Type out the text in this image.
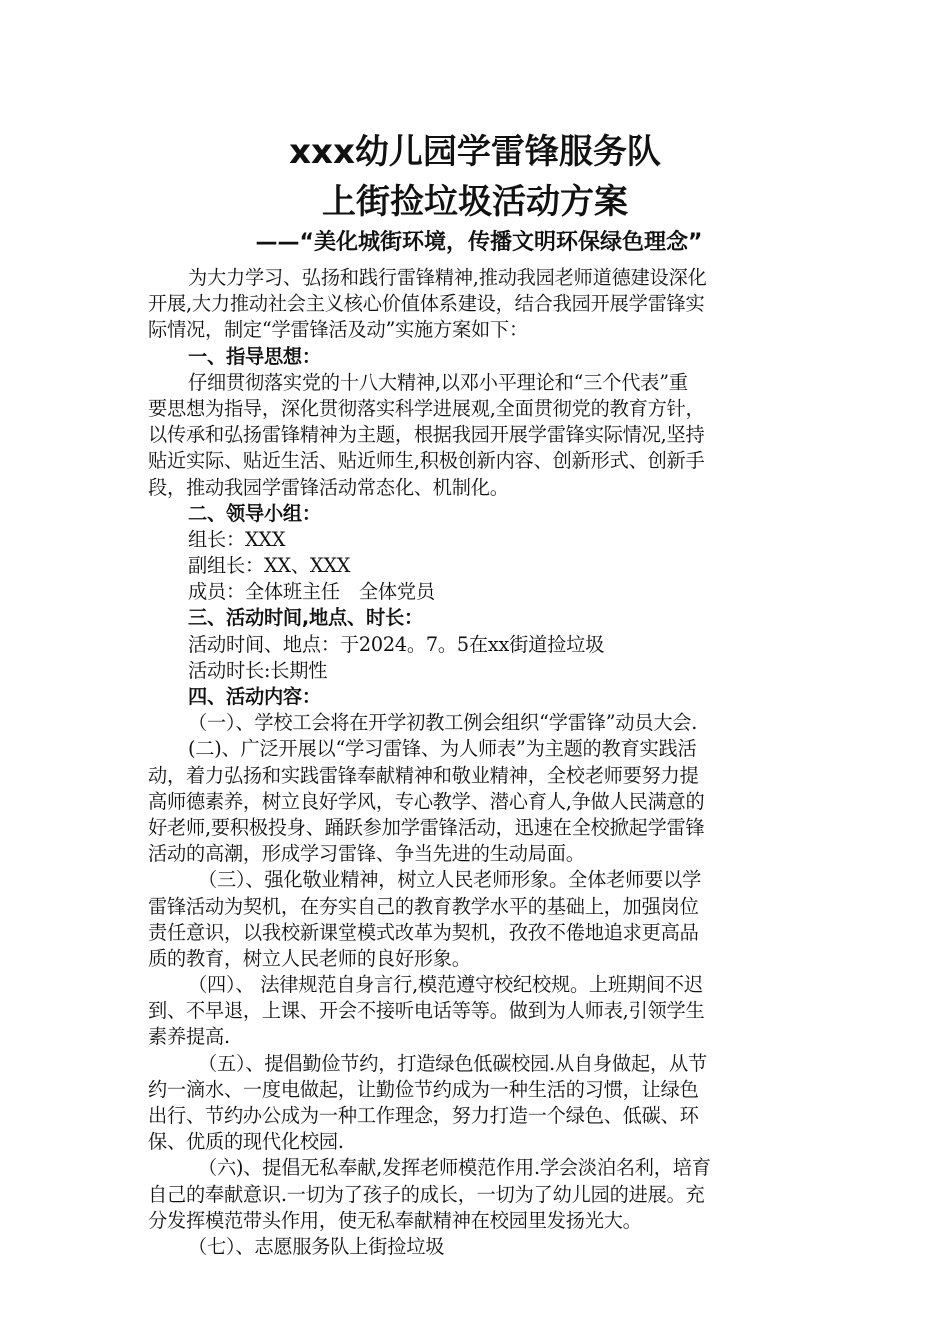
xxx幼儿园学雷锋服务队
上街捡垃圾活动方案
——“美化城街环境，传播文明环保绿色理念”
为大力学习、弘扬和践行雷锋精神,推动我园老师道德建设深化
开展,大力推动社会主义核心价值体系建设，结合我园开展学雷锋实
际情况，制定“学雷锋活及动”实施方案如下：
一、指导思想：
仔细贯彻落实党的十八大精神,以邓小平理论和“三个代表”重
要思想为指导，深化贯彻落实科学进展观,全面贯彻党的教育方针，
以传承和弘扬雷锋精神为主题，根据我园开展学雷锋实际情况,坚持
贴近实际、贴近生活、贴近师生,积极创新内容、创新形式、创新手
段，推动我园学雷锋活动常态化、机制化。
二、领导小组：
组长：XXX
副组长：XX、XXX
成员：全体班主任　全体党员
三、活动时间,地点、时长：
活动时间、地点：于2024。7。5在xx街道捡垃圾
活动时长:长期性
四、活动内容：
（一）、学校工会将在开学初教工例会组织“学雷锋”动员大会.
(二)、广泛开展以“学习雷锋、为人师表”为主题的教育实践活
动，着力弘扬和实践雷锋奉献精神和敬业精神，全校老师要努力提
高师德素养，树立良好学风，专心教学、潜心育人,争做人民满意的
好老师,要积极投身、踊跃参加学雷锋活动，迅速在全校掀起学雷锋
活动的高潮，形成学习雷锋、争当先进的生动局面。
（三）、强化敬业精神，树立人民老师形象。全体老师要以学
雷锋活动为契机，在夯实自己的教育教学水平的基础上，加强岗位
责任意识，以我校新课堂模式改革为契机，孜孜不倦地追求更高品
质的教育，树立人民老师的良好形象。
（四）、 法律规范自身言行,模范遵守校纪校规。上班期间不迟
到、不早退，上课、开会不接听电话等等。做到为人师表,引领学生
素养提高.
（五）、提倡勤俭节约，打造绿色低碳校园.从自身做起，从节
约一滴水、一度电做起，让勤俭节约成为一种生活的习惯，让绿色
出行、节约办公成为一种工作理念，努力打造一个绿色、低碳、环
保、优质的现代化校园.
（六)、提倡无私奉献,发挥老师模范作用.学会淡泊名利，培育
自己的奉献意识.一切为了孩子的成长，一切为了幼儿园的进展。充
分发挥模范带头作用，使无私奉献精神在校园里发扬光大。
（七）、志愿服务队上街捡垃圾
